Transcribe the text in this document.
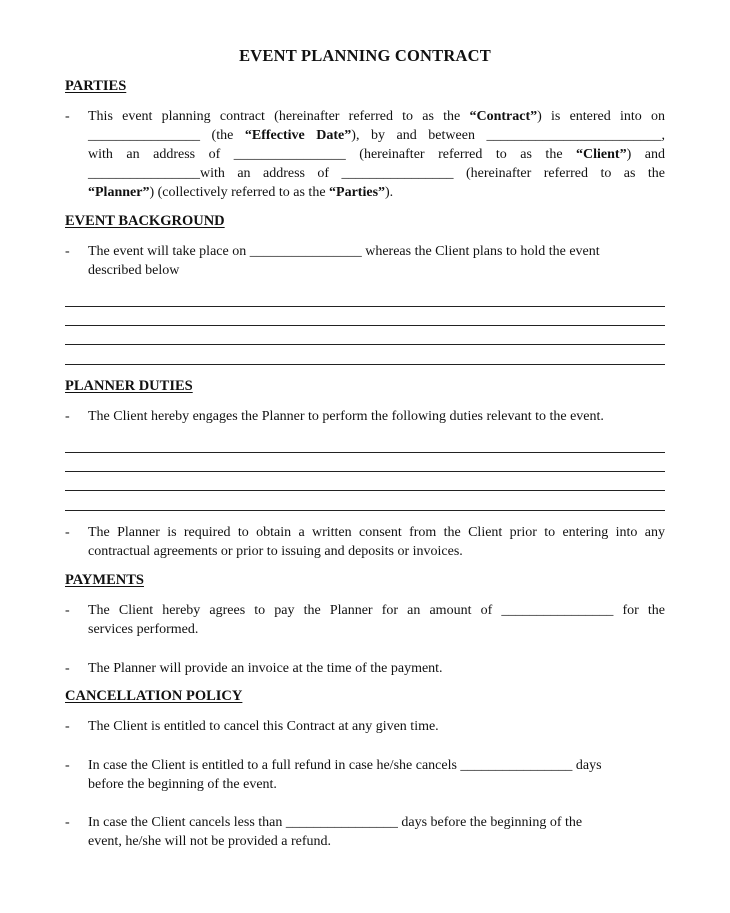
EVENT PLANNING CONTRACT
PARTIES
- This event planning contract (hereinafter referred to as the “Contract”) is entered into on
________________ (the “Effective Date”), by and between _________________________,
with an address of ________________ (hereinafter referred to as the “Client”) and
________________with an address of ________________ (hereinafter referred to as the
“Planner”) (collectively referred to as the “Parties”).
EVENT BACKGROUND
- The event will take place on ________________ whereas the Client plans to hold the event
described below
PLANNER DUTIES
- The Client hereby engages the Planner to perform the following duties relevant to the event.
- The Planner is required to obtain a written consent from the Client prior to entering into any contractual agreements or prior to issuing and deposits or invoices.
PAYMENTS
- The Client hereby agrees to pay the Planner for an amount of ________________ for the
services performed.
- The Planner will provide an invoice at the time of the payment.
CANCELLATION POLICY
- The Client is entitled to cancel this Contract at any given time.
- In case the Client is entitled to a full refund in case he/she cancels ________________ days
before the beginning of the event.
- In case the Client cancels less than ________________ days before the beginning of the
event, he/she will not be provided a refund.
